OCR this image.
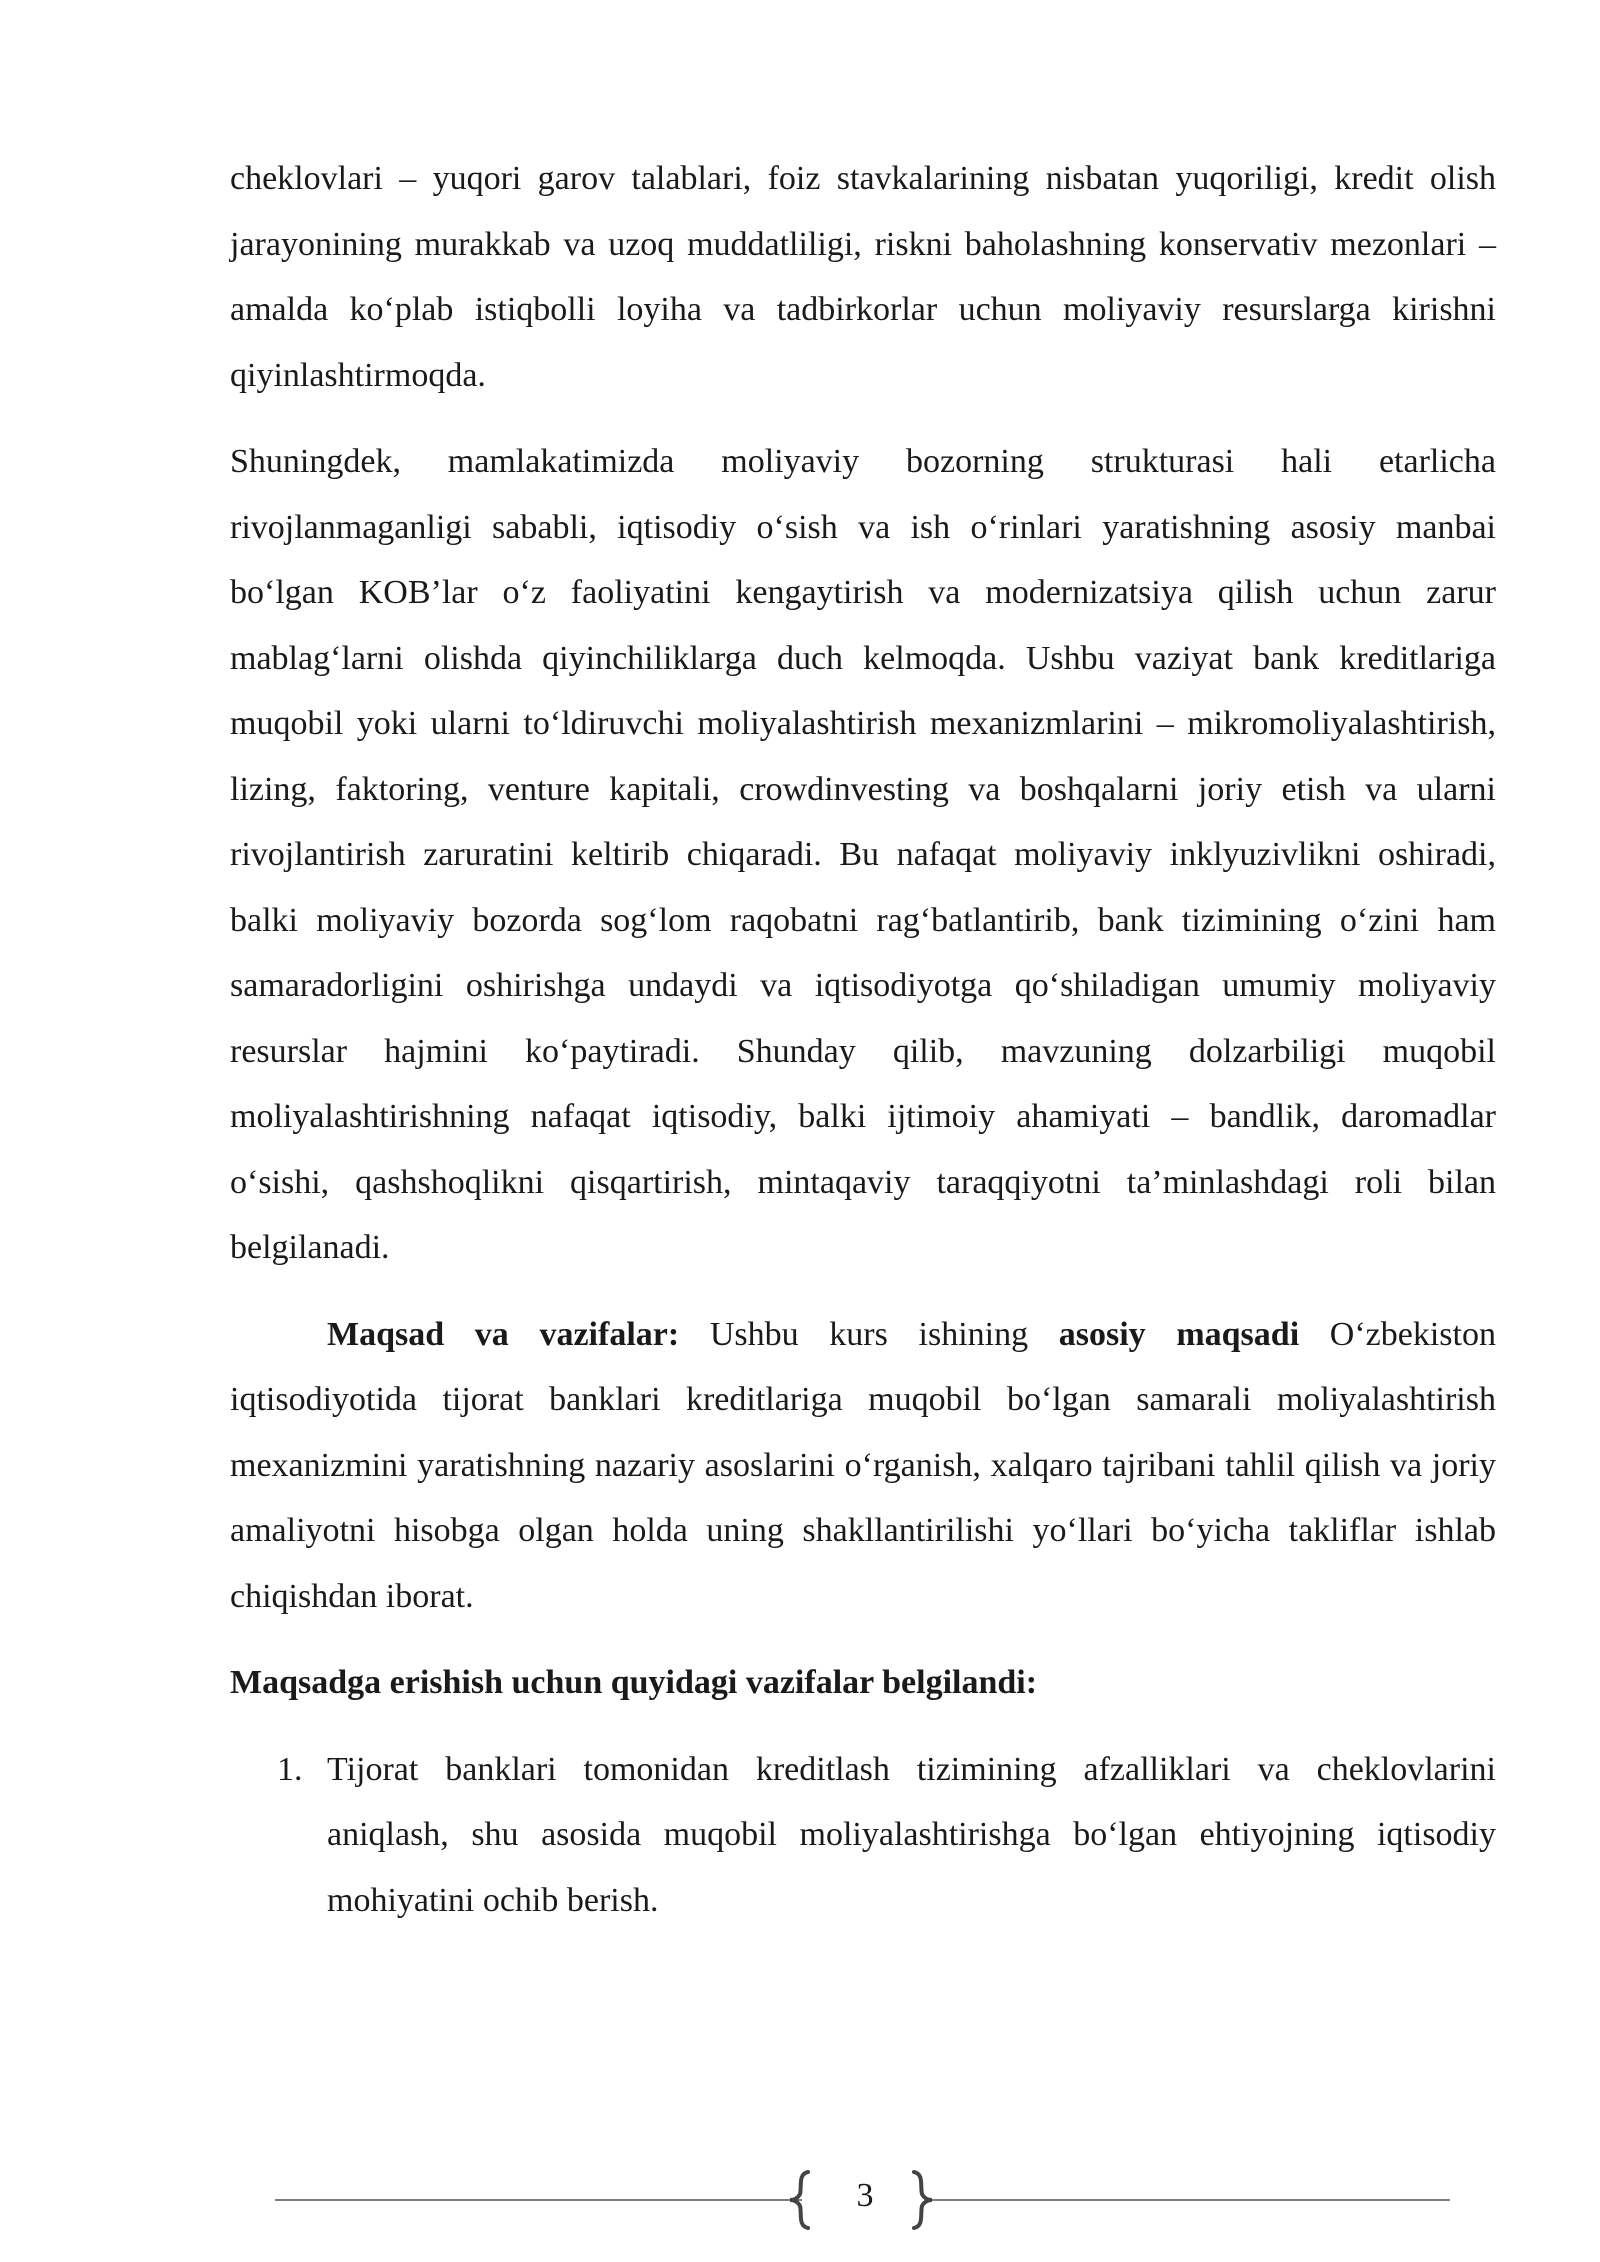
cheklovlari – yuqori garov talablari, foiz stavkalarining nisbatan yuqoriligi, kredit olish jarayonining murakkab va uzoq muddatliligi, riskni baholashning konservativ mezonlari – amalda ko‘plab istiqbolli loyiha va tadbirkorlar uchun moliyaviy resurslarga kirishni qiyinlashtirmoqda.

Shuningdek, mamlakatimizda moliyaviy bozorning strukturasi hali etarlicha rivojlanmaganligi sababli, iqtisodiy o‘sish va ish o‘rinlari yaratishning asosiy manbai bo‘lgan KOB’lar o‘z faoliyatini kengaytirish va modernizatsiya qilish uchun zarur mablag‘larni olishda qiyinchiliklarga duch kelmoqda. Ushbu vaziyat bank kreditlariga muqobil yoki ularni to‘ldiruvchi moliyalashtirish mexanizmlarini – mikromoliyalashtirish, lizing, faktoring, venture kapitali, crowdinvesting va boshqalarni joriy etish va ularni rivojlantirish zaruratini keltirib chiqaradi. Bu nafaqat moliyaviy inklyuzivlikni oshiradi, balki moliyaviy bozorda sog‘lom raqobatni rag‘batlantirib, bank tizimining o‘zini ham samaradorligini oshirishga undaydi va iqtisodiyotga qo‘shiladigan umumiy moliyaviy resurslar hajmini ko‘paytiradi. Shunday qilib, mavzuning dolzarbiligi muqobil moliyalashtirishning nafaqat iqtisodiy, balki ijtimoiy ahamiyati – bandlik, daromadlar o‘sishi, qashshoqlikni qisqartirish, mintaqaviy taraqqiyotni ta’minlashdagi roli bilan belgilanadi.

Maqsad va vazifalar: Ushbu kurs ishining asosiy maqsadi O‘zbekiston iqtisodiyotida tijorat banklari kreditlariga muqobil bo‘lgan samarali moliyalashtirish mexanizmini yaratishning nazariy asoslarini o‘rganish, xalqaro tajribani tahlil qilish va joriy amaliyotni hisobga olgan holda uning shakllantirilishi yo‘llari bo‘yicha takliflar ishlab chiqishdan iborat.

Maqsadga erishish uchun quyidagi vazifalar belgilandi:

1. Tijorat banklari tomonidan kreditlash tizimining afzalliklari va cheklovlarini aniqlash, shu asosida muqobil moliyalashtirishga bo‘lgan ehtiyojning iqtisodiy mohiyatini ochib berish.
3
